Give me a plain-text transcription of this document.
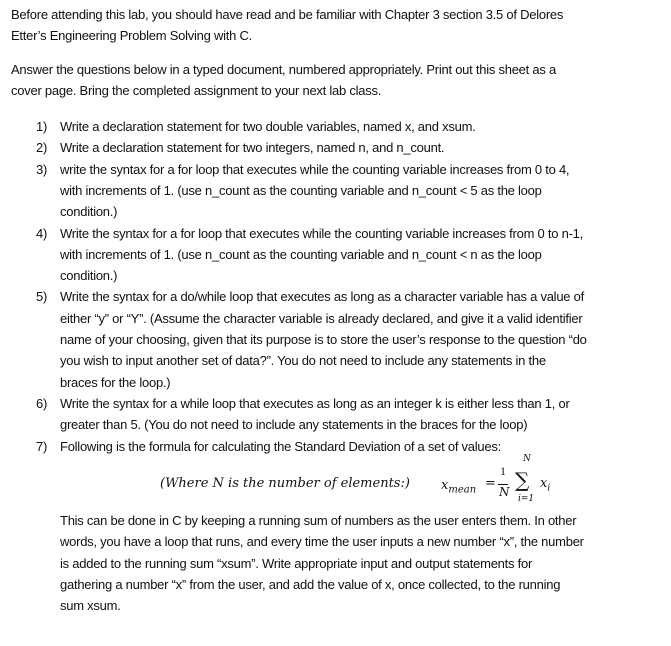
Before attending this lab, you should have read and be familiar with Chapter 3 section 3.5 of Delores
Etter’s Engineering Problem Solving with C.
Answer the questions below in a typed document, numbered appropriately. Print out this sheet as a
cover page. Bring the completed assignment to your next lab class.
1) Write a declaration statement for two double variables, named x, and xsum.
2) Write a declaration statement for two integers, named n, and n_count.
3) write the syntax for a for loop that executes while the counting variable increases from 0 to 4,
with increments of 1. (use n_count as the counting variable and n_count < 5 as the loop
condition.)
4) Write the syntax for a for loop that executes while the counting variable increases from 0 to n-1,
with increments of 1. (use n_count as the counting variable and n_count < n as the loop
condition.)
5) Write the syntax for a do/while loop that executes as long as a character variable has a value of
either “y” or “Y”. (Assume the character variable is already declared, and give it a valid identifier
name of your choosing, given that its purpose is to store the user’s response to the question “do
you wish to input another set of data?”. You do not need to include any statements in the
braces for the loop.)
6) Write the syntax for a while loop that executes as long as an integer k is either less than 1, or
greater than 5. (You do not need to include any statements in the braces for the loop)
7) Following is the formula for calculating the Standard Deviation of a set of values:
This can be done in C by keeping a running sum of numbers as the user enters them. In other
words, you have a loop that runs, and every time the user inputs a new number “x”, the number
is added to the running sum “xsum”. Write appropriate input and output statements for
gathering a number “x” from the user, and add the value of x, once collected, to the running
sum xsum.
(Where N is the number of elements:) $x_{mean}$ =
1
N
N
∑
i=1
$x_i$
